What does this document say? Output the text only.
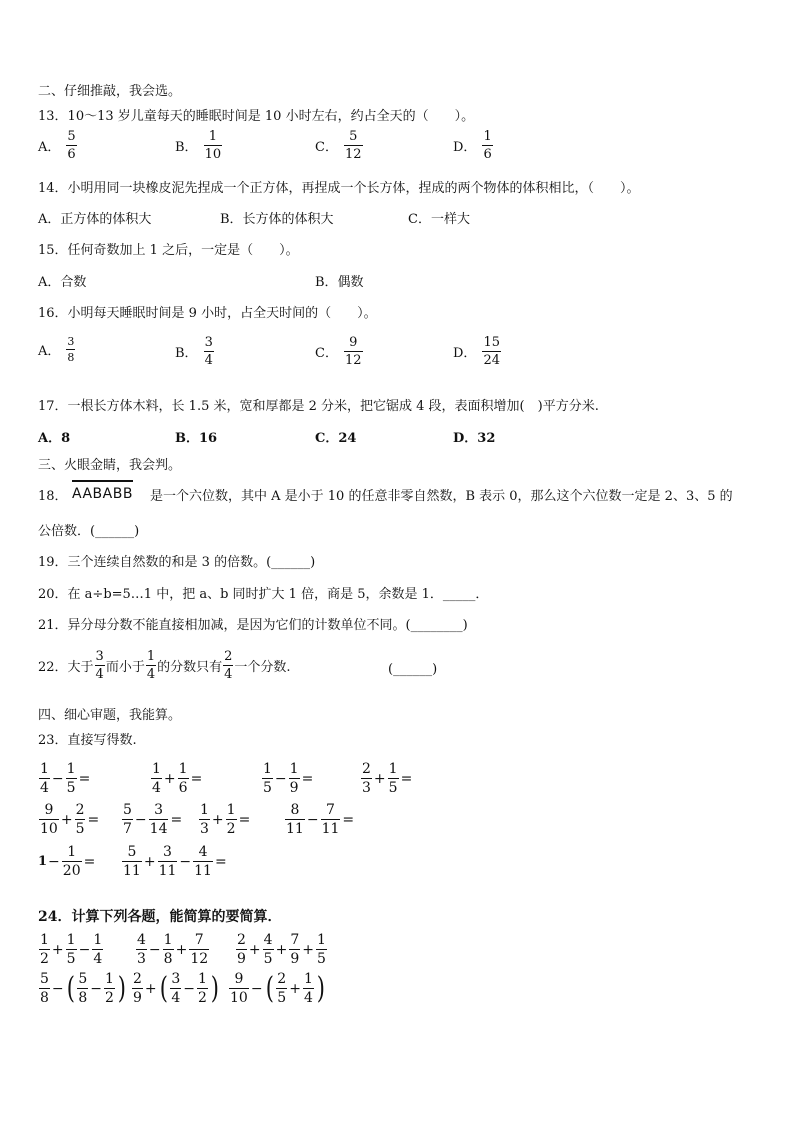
二、仔细推敲，我会选。
13．10～13 岁儿童每天的睡眠时间是 10 小时左右，约占全天的（　　）。
A．
5
6	B．
1
10	C．
5
12	D．
1
6
14．小明用同一块橡皮泥先捏成一个正方体，再捏成一个长方体，捏成的两个物体的体积相比，（　　）。
A．正方体的体积大	B．长方体的体积大	C．一样大
15．任何奇数加上 1 之后，一定是（　　）。
A．合数	B．偶数
16．小明每天睡眠时间是 9 小时，占全天时间的（　　）。
A．
3
8	B．
3
4	C．
9
12	D．
15
24
17．一根长方体木料，长 1.5 米，宽和厚都是 2 分米，把它锯成 4 段，表面积增加(　)平方分米.
A．8	B．16	C．24	D．32
三、火眼金睛，我会判。
18． AABABB 是一个六位数，其中 A 是小于 10 的任意非零自然数，B 表示 0，那么这个六位数一定是 2、3、5 的
公倍数．(______)
19．三个连续自然数的和是 3 的倍数。(______)
20．在 a÷b=5…1 中，把 a、b 同时扩大 1 倍，商是 5，余数是 1．_____．
21．异分母分数不能直接相加减，是因为它们的计数单位不同。(________)
22．大于
3
4 而小于
1
4 的分数只有
2
4 一个分数.	(______)
四、细心审题，我能算。
23．直接写得数.
1
4
− $\frac{1}{5}$ =
1
4
+ $\frac{1}{6}$ =
1
5
− $\frac{1}{9}$ =
2
3
+ $\frac{1}{5}$ =
9
10
+ $\frac{2}{5}$ =
5
7
− $\frac{3}{14}$ =
1
3
+ $\frac{1}{2}$ =
8
11
− $\frac{7}{11}$ =
$1 - \frac{1}{20}$ =
5
11
+ $\frac{3}{11} - \frac{4}{11}$ =
24．计算下列各题，能简算的要简算．
1
2
+ $\frac{1}{5} - \frac{1}{4} 4$
3
− $\frac{1}{8} + \frac{7}{12} 2$
9
+ $\frac{4}{5} + \frac{7}{9} + \frac{1}{5}$
5
8
− ( 5
8
− $\frac{1}{2}$ ) 2
9
+ ( 3
4
− $\frac{1}{2}$ ) 9
10
− ( 2
5
+ $\frac{1}{4}$ )
